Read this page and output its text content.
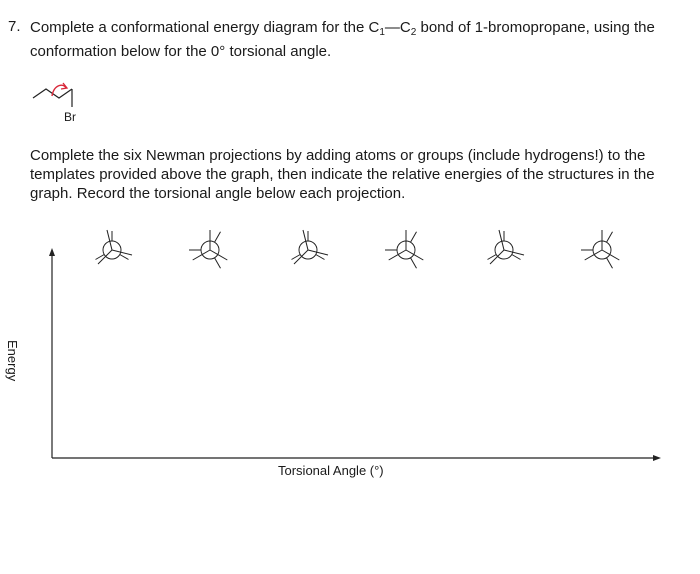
7. Complete a conformational energy diagram for the $C_1—C_2$ bond of 1-bromopropane, using the conformation below for the 0° torsional angle.
Br
Complete the six Newman projections by adding atoms or groups (include hydrogens!) to the templates provided above the graph, then indicate the relative energies of the structures in the graph. Record the torsional angle below each projection.
Energy
Torsional Angle (°)
